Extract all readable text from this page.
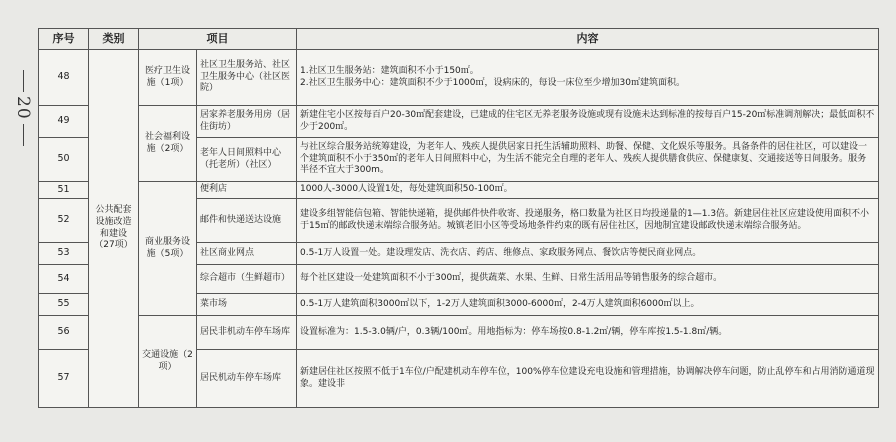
20
序号	类别	项目		内容
48	公共配套设施改造和建设（27项）	医疗卫生设施（1项）	社区卫生服务站、社区卫生服务中心（社区医院）	1.社区卫生服务站：建筑面积不小于150㎡。
2.社区卫生服务中心：建筑面积不少于1000㎡，设病床的，每设一床位至少增加30㎡建筑面积。
49		社会福利设施（2项）	居家养老服务用房（居住街坊）	新建住宅小区按每百户20-30㎡配套建设，已建成的住宅区无养老服务设施或现有设施未达到标准的按每百户15-20㎡标准调剂解决；最低面积不少于200㎡。
50			老年人日间照料中心（托老所）（社区）	与社区综合服务站统筹建设，为老年人、残疾人提供居家日托生活辅助照料、助餐、保健、文化娱乐等服务。具备条件的居住社区，可以建设一个建筑面积不小于350㎡的老年人日间照料中心，为生活不能完全自理的老年人、残疾人提供膳食供应、保健康复、交通接送等日间服务。服务半径不宜大于300m。
51		商业服务设施（5项）	便利店	1000人-3000人设置1处，每处建筑面积50-100㎡。
52			邮件和快递送达设施	建设多组智能信包箱、智能快递箱，提供邮件快件收寄、投递服务，格口数量为社区日均投递量的1—1.3倍。新建居住社区应建设使用面积不小于15㎡的邮政快递末端综合服务站。城镇老旧小区等受场地条件约束的既有居住社区，因地制宜建设邮政快递末端综合服务站。
53			社区商业网点	0.5-1万人设置一处。建设理发店、洗衣店、药店、维修点、家政服务网点、餐饮店等便民商业网点。
54			综合超市（生鲜超市）	每个社区建设一处建筑面积不小于300㎡，提供蔬菜、水果、生鲜、日常生活用品等销售服务的综合超市。
55			菜市场	0.5-1万人建筑面积3000㎡以下，1-2万人建筑面积3000-6000㎡，2-4万人建筑面积6000㎡以上。
56		交通设施（2项）	居民非机动车停车场库	设置标准为：1.5-3.0辆/户，0.3辆/100㎡。用地指标为：停车场按0.8-1.2㎡/辆，停车库按1.5-1.8㎡/辆。
57			居民机动车停车场库	新建居住社区按照不低于1车位/户配建机动车停车位，100%停车位建设充电设施和管理措施，协调解决停车问题，防止乱停车和占用消防通道现象。建设非
